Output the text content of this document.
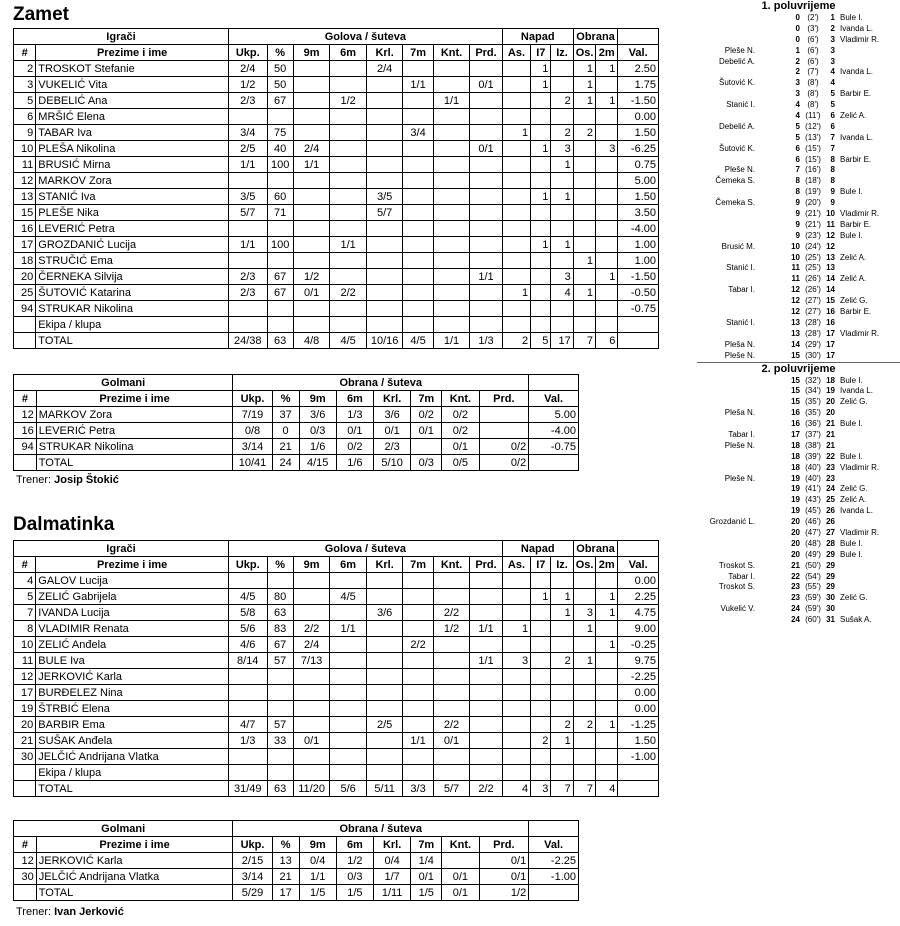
Zamet
Igrači		Golova / šuteva								Napad			Obrana		
#	Prezime i ime	Ukp.	%	9m	6m	Krl.	7m	Knt.	Prd.	As.	I7	Iz.	Os.	2m	Val.
2	TROSKOT Stefanie	2/4	50			2/4					1		1	1	2.50
3	VUKELIĆ Vita	1/2	50				1/1		0/1		1		1		1.75
5	DEBELIĆ Ana	2/3	67		1/2			1/1				2	1	1	-1.50
6	MRŠIĆ Elena														0.00
9	TABAR Iva	3/4	75				3/4			1		2	2		1.50
10	PLEŠA Nikolina	2/5	40	2/4					0/1		1	3		3	-6.25
11	BRUSIĆ Mirna	1/1	100	1/1								1			0.75
12	MARKOV Zora														5.00
13	STANIĆ Iva	3/5	60			3/5					1	1			1.50
15	PLEŠE Nika	5/7	71			5/7									3.50
16	LEVERIĆ Petra														-4.00
17	GROZDANIĆ Lucija	1/1	100		1/1						1	1			1.00
18	STRUČIĆ Ema												1		1.00
20	ČERNEKA Silvija	2/3	67	1/2					1/1			3		1	-1.50
25	ŠUTOVIĆ Katarina	2/3	67	0/1	2/2					1		4	1		-0.50
94	STRUKAR Nikolina														-0.75
	Ekipa / klupa														
	TOTAL	24/38	63	4/8	4/5	10/16	4/5	1/1	1/3	2	5	17	7	6	
Golmani		Obrana / šuteva								
#	Prezime i ime	Ukp.	%	9m	6m	Krl.	7m	Knt.	Prd.	Val.
12	MARKOV Zora	7/19	37	3/6	1/3	3/6	0/2	0/2		5.00
16	LEVERIĆ Petra	0/8	0	0/3	0/1	0/1	0/1	0/2		-4.00
94	STRUKAR Nikolina	3/14	21	1/6	0/2	2/3		0/1	0/2	-0.75
	TOTAL	10/41	24	4/15	1/6	5/10	0/3	0/5	0/2	
Trener: Josip Štokić
Dalmatinka
Igrači		Golova / šuteva								Napad			Obrana		
#	Prezime i ime	Ukp.	%	9m	6m	Krl.	7m	Knt.	Prd.	As.	I7	Iz.	Os.	2m	Val.
4	GALOV Lucija														0.00
5	ZELIĆ Gabrijela	4/5	80		4/5						1	1		1	2.25
7	IVANDA Lucija	5/8	63			3/6		2/2				1	3	1	4.75
8	VLADIMIR Renata	5/6	83	2/2	1/1			1/2	1/1	1			1		9.00
10	ZELIĆ Anđela	4/6	67	2/4			2/2							1	-0.25
11	BULE Iva	8/14	57	7/13					1/1	3		2	1		9.75
12	JERKOVIĆ Karla														-2.25
17	BURĐELEZ Nina														0.00
19	ŠTRBIĆ Elena														0.00
20	BARBIR Ema	4/7	57			2/5		2/2				2	2	1	-1.25
21	SUŠAK Anđela	1/3	33	0/1			1/1	0/1			2	1			1.50
30	JELČIĆ Andrijana Vlatka														-1.00
	Ekipa / klupa														
	TOTAL	31/49	63	11/20	5/6	5/11	3/3	5/7	2/2	4	3	7	7	4	
Golmani		Obrana / šuteva								
#	Prezime i ime	Ukp.	%	9m	6m	Krl.	7m	Knt.	Prd.	Val.
12	JERKOVIĆ Karla	2/15	13	0/4	1/2	0/4	1/4		0/1	-2.25
30	JELČIĆ Andrijana Vlatka	3/14	21	1/1	0/3	1/7	0/1	0/1	0/1	-1.00
	TOTAL	5/29	17	1/5	1/5	1/11	1/5	0/1	1/2	
Trener: Ivan Jerković
1. poluvrijeme
0 (2')	1 Bule I.
0 (3')	2 Ivanda L.
0 (6')	3 Vladimir R.
Pleše N.	1 (6')	3
Debelić A.	2 (6')	3
2 (7')	4 Ivanda L.
Šutović K.	3 (8')	4
3 (8')	5 Barbir E.
Stanić I.	4 (8')	5
4 (11')	6 Zelić A.
Debelić A.	5 (12')	6
5 (13')	7 Ivanda L.
Šutović K.	6 (15')	7
6 (15')	8 Barbir E.
Pleše N.	7 (16')	8
Čemeka S.	8 (18')	8
8 (19')	9 Bule I.
Čemeka S.	9 (20')	9
9 (21') 10 Vladimir R.
9 (21') 11 Barbir E.
9 (23') 12 Bule I.
Brusić M.	10 (24') 12
10 (25') 13 Zelić A.
Stanić I.	11 (25') 13
11 (26') 14 Zelić A.
Tabar I.	12 (26') 14
12 (27') 15 Zelić G.
12 (27') 16 Barbir E.
Stanić I.	13 (28') 16
13 (28') 17 Vladimir R.
Pleša N.	14 (29') 17
Pleše N.	15 (30') 17
2. poluvrijeme
15 (32') 18 Bule I.
15 (34') 19 Ivanda L.
15 (35') 20 Zelić G.
Pleša N.	16 (35') 20
16 (36') 21 Bule I.
Tabar I.	17 (37') 21
Pleše N.	18 (38') 21
18 (39') 22 Bule I.
18 (40') 23 Vladimir R.
Pleše N.	19 (40') 23
19 (41') 24 Zelić G.
19 (43') 25 Zelić A.
19 (45') 26 Ivanda L.
Grozdanić L.	20 (46') 26
20 (47') 27 Vladimir R.
20 (48') 28 Bule I.
20 (49') 29 Bule I.
Troskot S.	21 (50') 29
Tabar I.	22 (54') 29
Troskot S.	23 (55') 29
23 (59') 30 Zelić G.
Vukelić V.	24 (59') 30
24 (60') 31 Sušak A.
